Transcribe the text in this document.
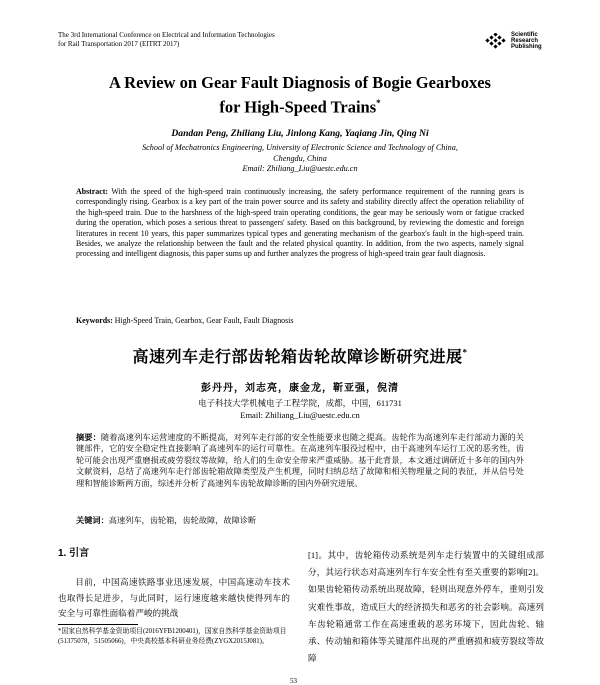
The 3rd International Conference on Electrical and Information Technologies
for Rail Transportation 2017 (EITRT 2017)
Scientific
Research
Publishing
A Review on Gear Fault Diagnosis of Bogie Gearboxes
for High-Speed Trains*
Dandan Peng, Zhiliang Liu, Jinlong Kang, Yaqiang Jin, Qing Ni
School of Mechatronics Engineering, University of Electronic Science and Technology of China,
Chengdu, China
Email: Zhiliang_Liu@uestc.edu.cn
Abstract: With the speed of the high-speed train continuously increasing, the safety performance requirement of the running gears is correspondingly rising. Gearbox is a key part of the train power source and its safety and stability directly affect the operation reliability of the high-speed train. Due to the harshness of the high-speed train operating conditions, the gear may be seriously worn or fatigue cracked during the operation, which poses a serious threat to passengers' safety. Based on this background, by reviewing the domestic and foreign literatures in recent 10 years, this paper summarizes typical types and generating mechanism of the gearbox's fault in the high-speed train. Besides, we analyze the relationship between the fault and the related physical quantity. In addition, from the two aspects, namely signal processing and intelligent diagnosis, this paper sums up and further analyzes the progress of high-speed train gear fault diagnosis.
Keywords: High-Speed Train, Gearbox, Gear Fault, Fault Diagnosis
高速列车走行部齿轮箱齿轮故障诊断研究进展*
彭丹丹，刘志亮，康金龙，靳亚强，倪清
电子科技大学机械电子工程学院，成都，中国，611731
Email: Zhiliang_Liu@uestc.edu.cn
摘要：随着高速列车运营速度的不断提高，对列车走行部的安全性能要求也随之提高。齿轮作为高速列车走行部动力源的关键部件，它的安全稳定性直接影响了高速列车的运行可靠性。在高速列车服役过程中，由于高速列车运行工况的恶劣性，齿轮可能会出现严重磨损或疲劳裂纹等故障，给人们的生命安全带来严重威胁。基于此背景，本文通过调研近十多年的国内外文献资料，总结了高速列车走行部齿轮箱故障类型及产生机理，同时归纳总结了故障和相关物理量之间的表征，并从信号处理和智能诊断两方面，综述并分析了高速列车齿轮故障诊断的国内外研究进展。
关键词：高速列车，齿轮箱，齿轮故障，故障诊断
1. 引言
目前，中国高速铁路事业迅速发展，中国高速动车技术也取得长足进步，与此同时，运行速度越来越快使得列车的安全与可靠性面临着严峻的挑战
*国家自然科学基金资助项目(2016YFB1200401)，国家自然科学基金资助项目(51375078，51505066)，中央高校基本科研业务经费(ZYGX2015J081)。
[1]。其中，齿轮箱传动系统是列车走行装置中的关键组成部分，其运行状态对高速列车行车安全性有至关重要的影响[2]。如果齿轮箱传动系统出现故障，轻则出现意外停车，重则引发灾难性事故，造成巨大的经济损失和恶劣的社会影响。高速列车齿轮箱通常工作在高速重载的恶劣环境下，因此齿轮、轴承、传动轴和箱体等关键部件出现的严重磨损和疲劳裂纹等故障
53
